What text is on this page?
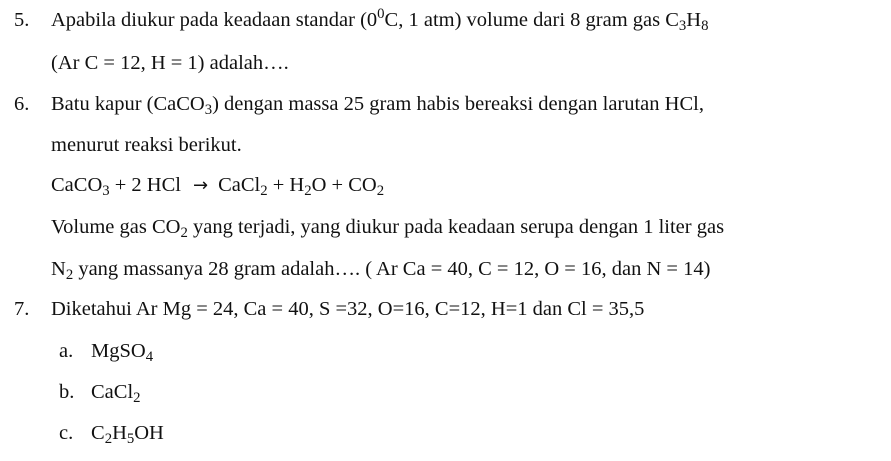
5. Apabila diukur pada keadaan standar ($0^0C$, 1 atm) volume dari 8 gram gas $C_3H_8$
(Ar C = 12, H = 1) adalah….
6. Batu kapur (CaCO$_3$) dengan massa 25 gram habis bereaksi dengan larutan HCl,
menurut reaksi berikut.
CaCO$_3$ + 2 HCl → CaCl$_2$ + $H_2O + CO_2$
Volume gas $CO_2$ yang terjadi, yang diukur pada keadaan serupa dengan 1 liter gas
$N_2$ yang massanya 28 gram adalah…. ( Ar Ca = 40, C = 12, O = 16, dan N = 14)
7. Diketahui Ar Mg = 24, Ca = 40, S =32, O=16, C=12, H=1 dan Cl = 35,5
a. MgSO$_4$
b. CaCl$_2$
c. $C_2H_5OH$
